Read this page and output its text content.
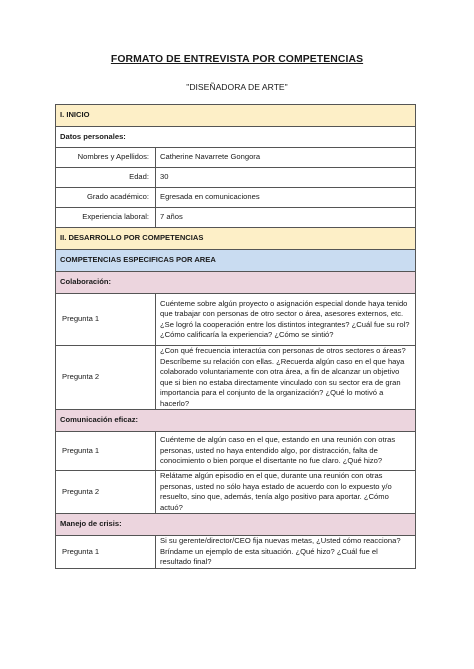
FORMATO DE ENTREVISTA POR COMPETENCIAS
"DISEÑADORA DE ARTE"
I. INICIO	
Datos personales:	
Nombres y Apellidos:	Catherine Navarrete Gongora
Edad:	30
Grado académico:	Egresada en comunicaciones
Experiencia laboral:	7 años
II. DESARROLLO POR COMPETENCIAS	
COMPETENCIAS ESPECIFICAS POR AREA	
Colaboración:	
Pregunta 1	Cuénteme sobre algún proyecto o asignación especial donde haya tenido que trabajar con personas de otro sector o área, asesores externos, etc. ¿Se logró la cooperación entre los distintos integrantes? ¿Cuál fue su rol? ¿Cómo calificaría la experiencia? ¿Cómo se sintió?
Pregunta 2	¿Con qué frecuencia interactúa con personas de otros sectores o áreas? Descríbeme su relación con ellas. ¿Recuerda algún caso en el que haya colaborado voluntariamente con otra área, a fin de alcanzar un objetivo que si bien no estaba directamente vinculado con su sector era de gran importancia para el conjunto de la organización? ¿Qué lo motivó a hacerlo?
Comunicación eficaz:	
Pregunta 1	Cuénteme de algún caso en el que, estando en una reunión con otras personas, usted no haya entendido algo, por distracción, falta de conocimiento o bien porque el disertante no fue claro. ¿Qué hizo?
Pregunta 2	Relátame algún episodio en el que, durante una reunión con otras personas, usted no sólo haya estado de acuerdo con lo expuesto y/o resuelto, sino que, además, tenía algo positivo para aportar. ¿Cómo actuó?
Manejo de crisis:	
Pregunta 1	Si su gerente/director/CEO fija nuevas metas, ¿Usted cómo reacciona? Bríndame un ejemplo de esta situación. ¿Qué hizo? ¿Cuál fue el resultado final?
